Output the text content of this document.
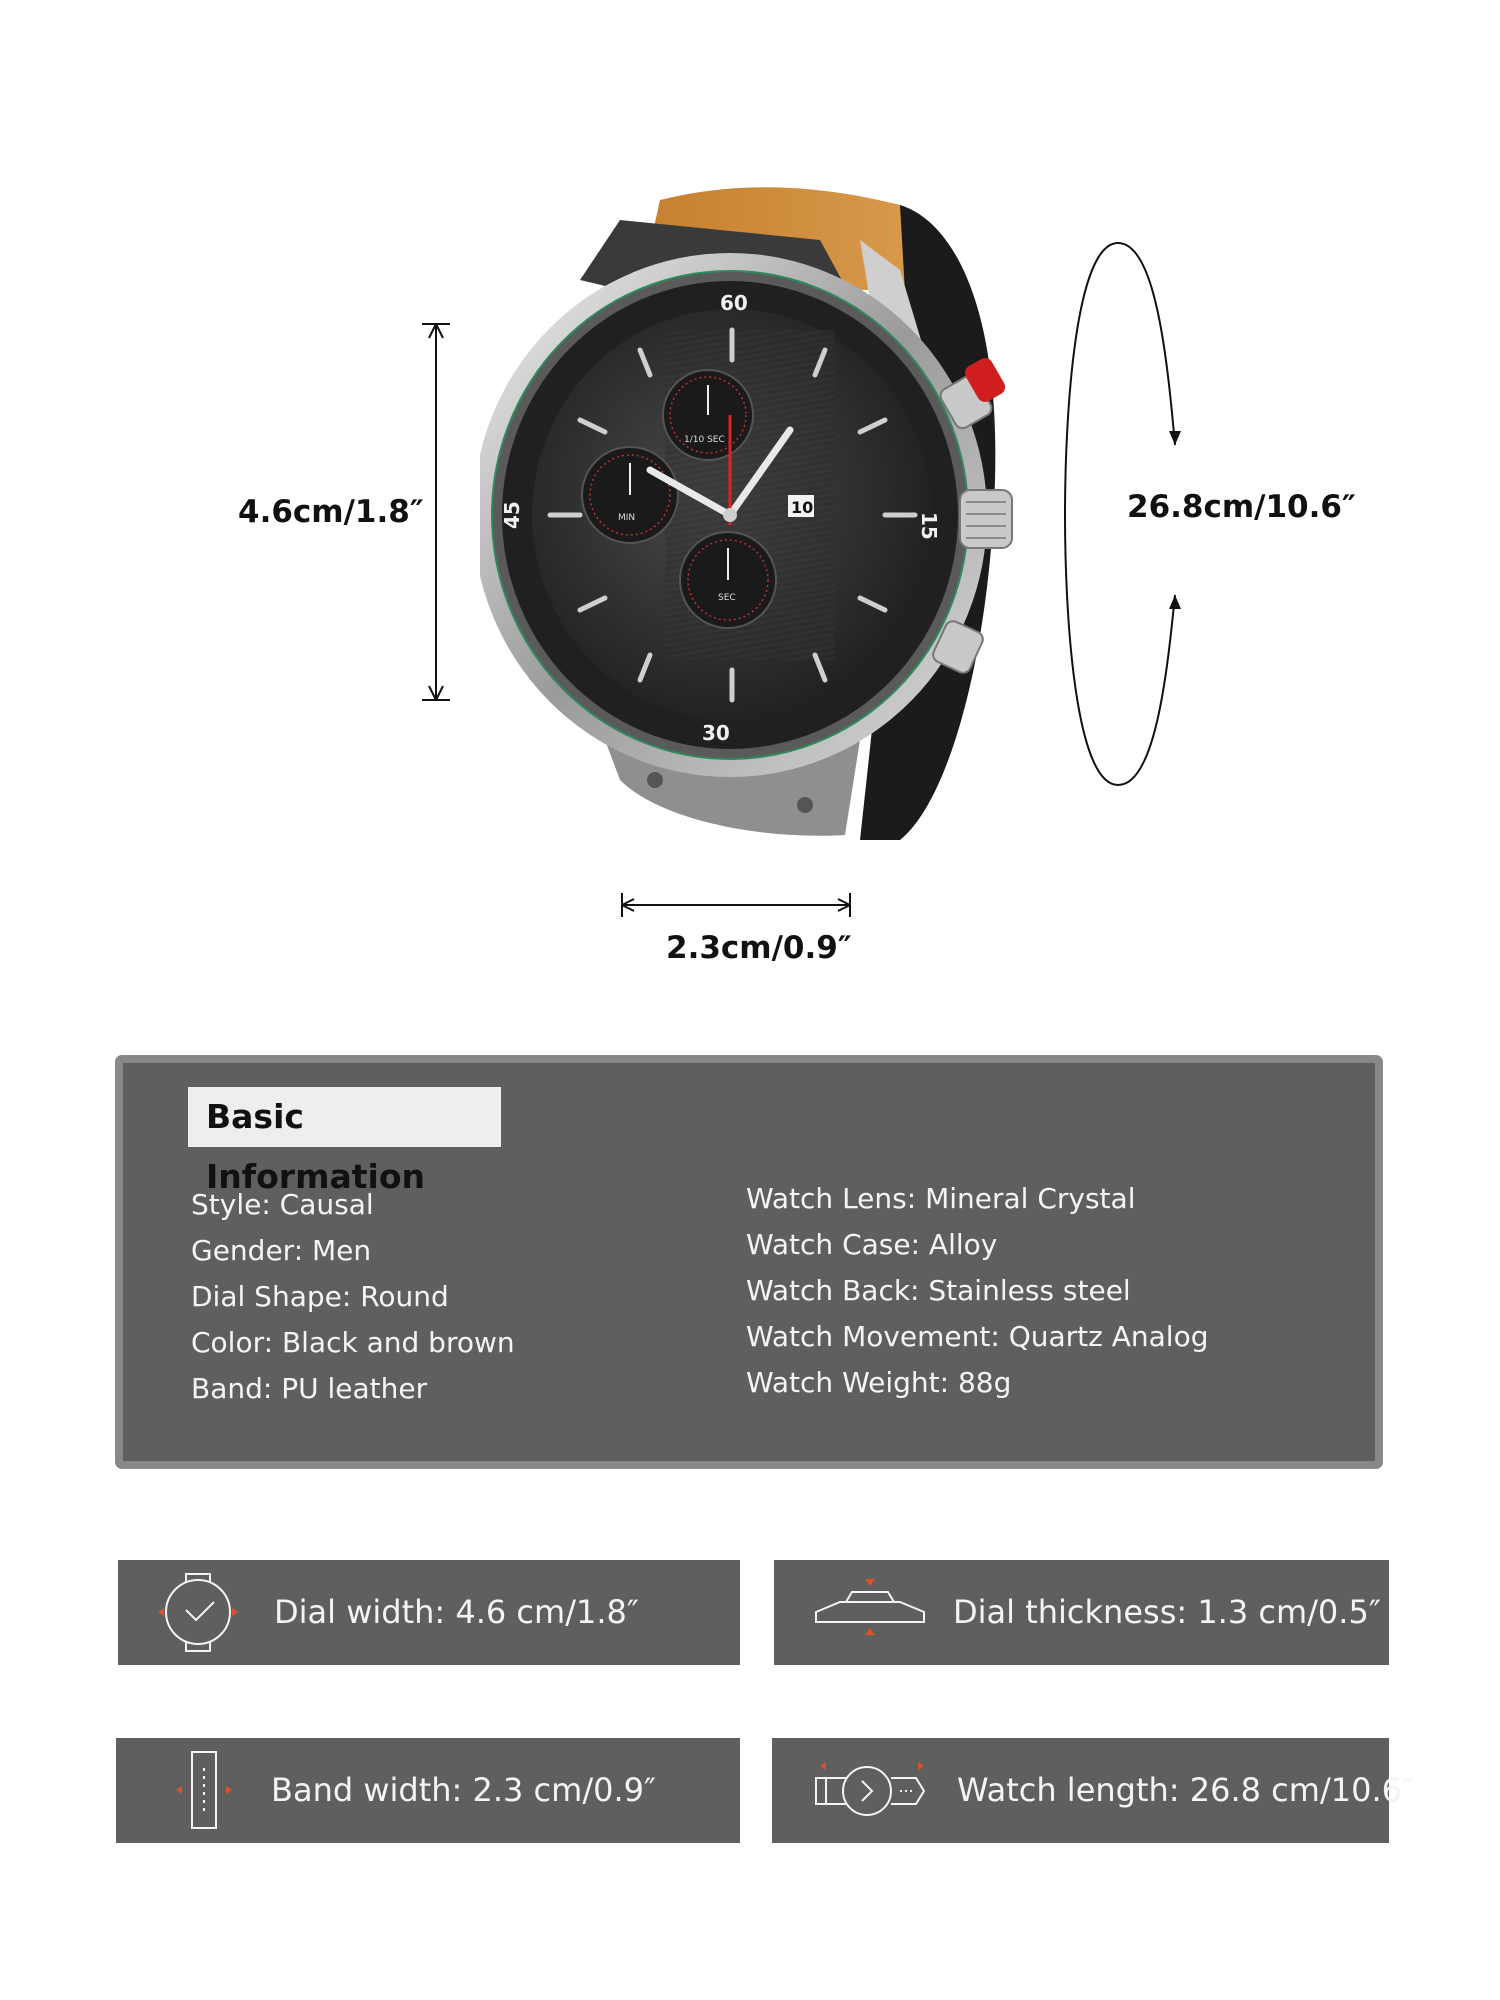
4.6cm/1.8″
2.3cm/0.9″
26.8cm/10.6″
60
15
30
45
1/10 SEC
MIN
SEC
10
Basic Information
Style: Causal
Gender: Men
Dial Shape: Round
Color: Black and brown
Band: PU leather
Watch Lens: Mineral Crystal
Watch Case: Alloy
Watch Back: Stainless steel
Watch Movement: Quartz Analog
Watch Weight: 88g
Dial width: 4.6 cm/1.8″	Dial thickness: 1.3 cm/0.5″
Band width: 2.3 cm/0.9″	Watch length: 26.8 cm/10.6″
